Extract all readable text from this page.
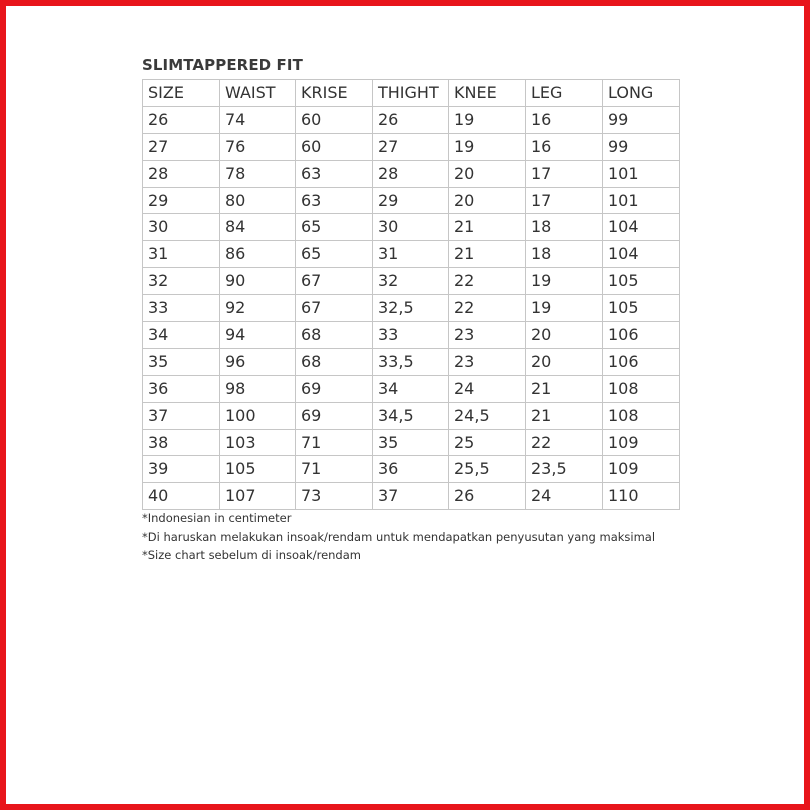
SLIMTAPPERED FIT
SIZE	WAIST	KRISE	THIGHT	KNEE	LEG	LONG
26	74	60	26	19	16	99
27	76	60	27	19	16	99
28	78	63	28	20	17	101
29	80	63	29	20	17	101
30	84	65	30	21	18	104
31	86	65	31	21	18	104
32	90	67	32	22	19	105
33	92	67	32,5	22	19	105
34	94	68	33	23	20	106
35	96	68	33,5	23	20	106
36	98	69	34	24	21	108
37	100	69	34,5	24,5	21	108
38	103	71	35	25	22	109
39	105	71	36	25,5	23,5	109
40	107	73	37	26	24	110
*Indonesian in centimeter
*Di haruskan melakukan insoak/rendam untuk mendapatkan penyusutan yang maksimal
*Size chart sebelum di insoak/rendam
